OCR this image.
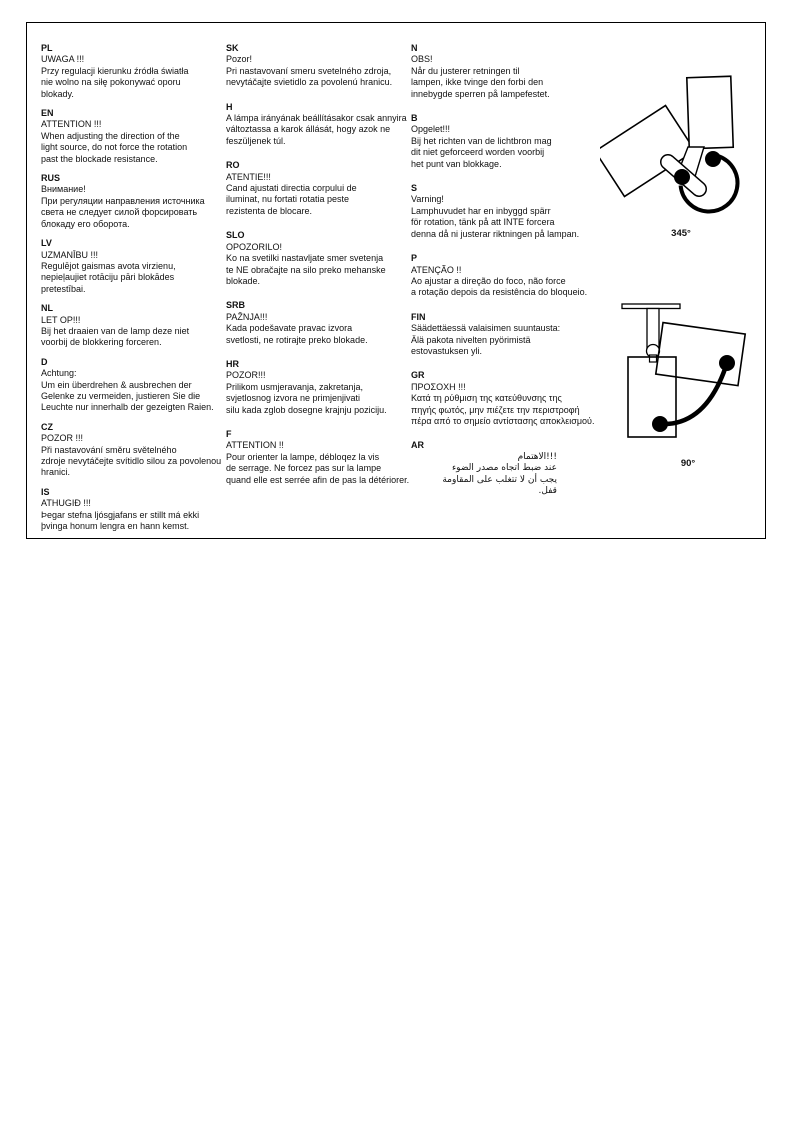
PL
UWAGA !!!
Przy regulacji kierunku źródła światła
nie wolno na siłę pokonywać oporu
blokady.
EN
ATTENTION !!!
When adjusting the direction of the
light source, do not force the rotation
past the blockade resistance.
RUS
Внимание!
При регуляции направления источника
света не следует силой форсировать
блокаду его оборота.
LV
UZMANĪBU !!!
Regulējot gaismas avota virzienu,
nepieļaujiet rotāciju pāri blokādes
pretestībai.
NL
LET OP!!!
Bij het draaien van de lamp deze niet
voorbij de blokkering forceren.
D
Achtung:
Um ein überdrehen & ausbrechen der
Gelenke zu vermeiden, justieren Sie die
Leuchte nur innerhalb der gezeigten Raien.
CZ
POZOR !!!
Při nastavování směru světelného
zdroje nevytáčejte svítidlo silou za povolenou
hranici.
IS
ATHUGIÐ !!!
Þegar stefna ljósgjafans er stillt má ekki
þvinga honum lengra en hann kemst.
SK
Pozor!
Pri nastavovaní smeru svetelného zdroja,
nevytáčajte svietidlo za povolenú hranicu.
H
A lámpa irányának beállításakor csak annyira
változtassa a karok állását, hogy azok ne
feszüljenek túl.
RO
ATENTIE!!!
Cand ajustati directia corpului de
iluminat, nu fortati rotatia peste
rezistenta de blocare.
SLO
OPOZORILO!
Ko na svetilki nastavljate smer svetenja
te NE obračajte na silo preko mehanske
blokade.
SRB
PAŽNJA!!!
Kada podešavate pravac izvora
svetlosti, ne rotirajte preko blokade.
HR
POZOR!!!
Prilikom usmjeravanja, zakretanja,
svjetlosnog izvora ne primjenjivati
silu kada zglob dosegne krajnju poziciju.
F
ATTENTION !!
Pour orienter la lampe, débloqez la vis
de serrage. Ne forcez pas sur la lampe
quand elle est serrée afin de pas la détériorer.
N
OBS!
Når du justerer retningen til
lampen, ikke tvinge den forbi den
innebygde sperren på lampefestet.
B
Opgelet!!!
Bij het richten van de lichtbron mag
dit niet geforceerd worden voorbij
het punt van blokkage.
S
Varning!
Lamphuvudet har en inbyggd spärr
för rotation, tänk på att INTE forcera
denna då ni justerar riktningen på lampan.
P
ATENÇÃO !!
Ao ajustar a direção do foco, não force
a rotação depois da resistência do bloqueio.
FIN
Säädettäessä valaisimen suuntausta:
Älä pakota nivelten pyörimistä
estovastuksen yli.
GR
ΠΡΟΣΟΧΗ !!!
Κατά τη ρύθμιση της κατεύθυνσης της
πηγής φωτός, μην πιέζετε την περιστροφή
πέρα από το σημείο αντίστασης αποκλεισμού.
AR
مامتهالا!!!
ءوضلا ردصم هاجتا طبض دنع
ةمواقملا ىلع بلغتت ال نأ بجي
.لفق
345°
90°
